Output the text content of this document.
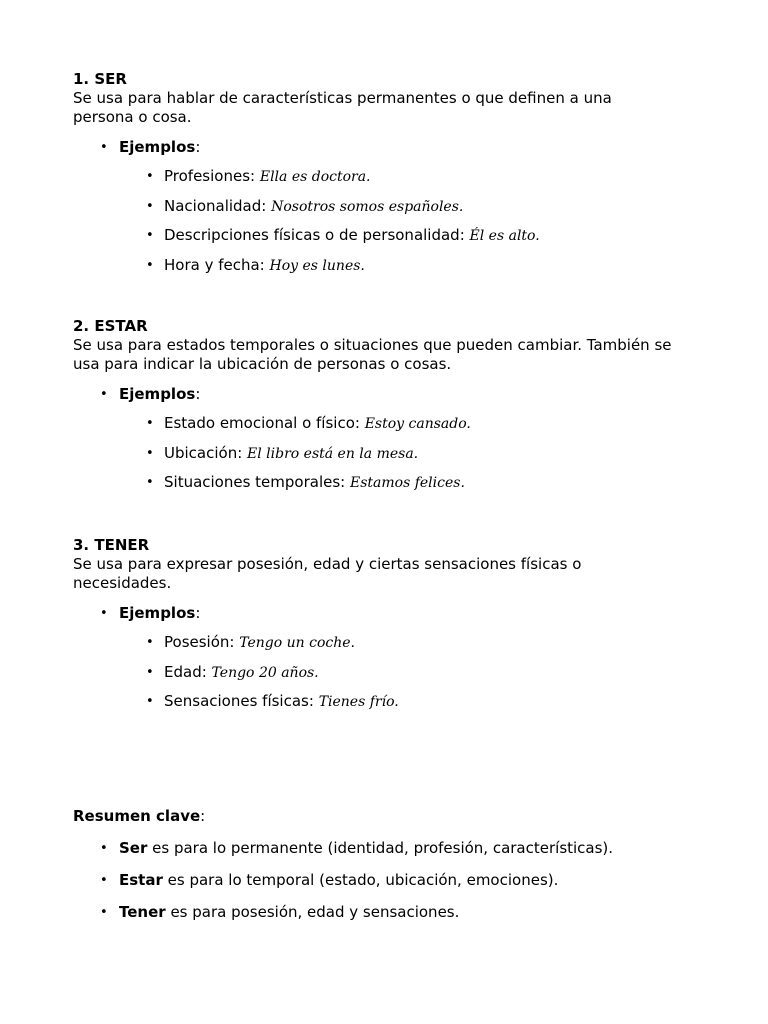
1. SER

Se usa para hablar de características permanentes o que definen a una persona o cosa.

• Ejemplos:
• Profesiones: Ella es doctora.
• Nacionalidad: Nosotros somos españoles.
• Descripciones físicas o de personalidad: Él es alto.
• Hora y fecha: Hoy es lunes.

2. ESTAR

Se usa para estados temporales o situaciones que pueden cambiar. También se usa para indicar la ubicación de personas o cosas.

• Ejemplos:
• Estado emocional o físico: Estoy cansado.
• Ubicación: El libro está en la mesa.
• Situaciones temporales: Estamos felices.

3. TENER

Se usa para expresar posesión, edad y ciertas sensaciones físicas o necesidades.

• Ejemplos:
• Posesión: Tengo un coche.
• Edad: Tengo 20 años.
• Sensaciones físicas: Tienes frío.

Resumen clave:

• Ser es para lo permanente (identidad, profesión, características).
• Estar es para lo temporal (estado, ubicación, emociones).
• Tener es para posesión, edad y sensaciones.
